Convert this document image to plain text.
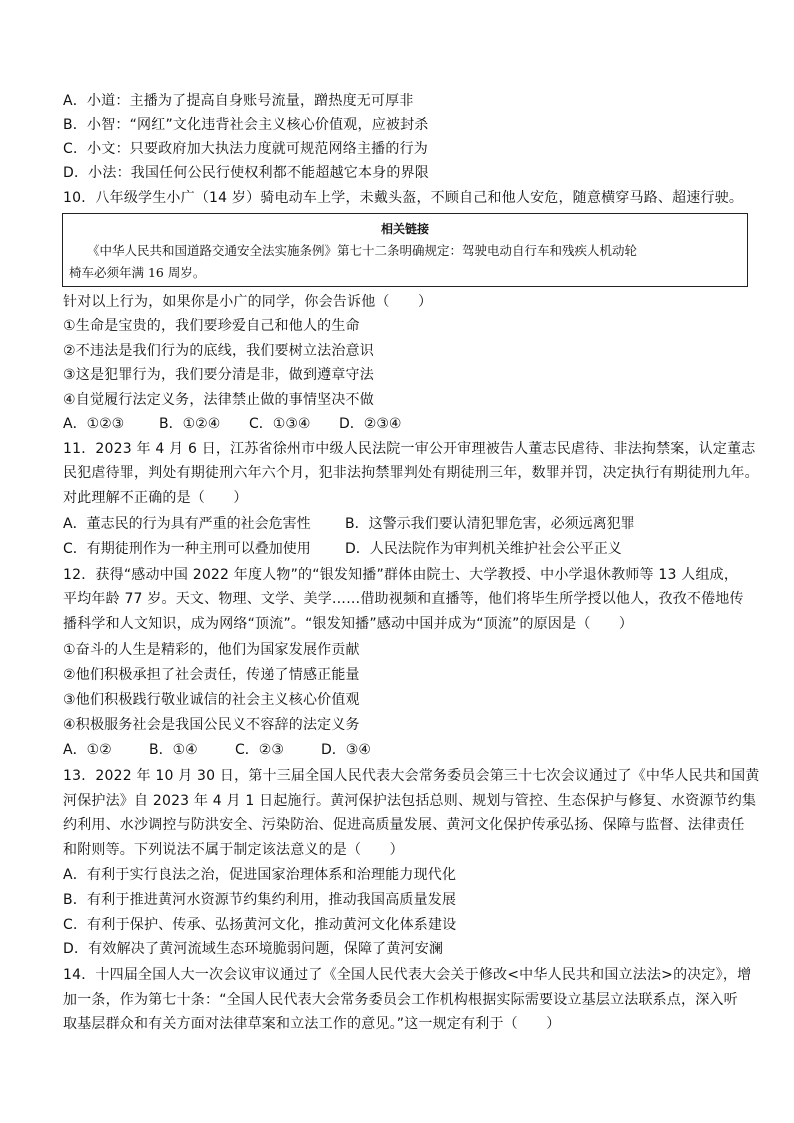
A．小道：主播为了提高自身账号流量，蹭热度无可厚非
B．小智：“网红”文化违背社会主义核心价值观，应被封杀
C．小文：只要政府加大执法力度就可规范网络主播的行为
D．小法：我国任何公民行使权利都不能超越它本身的界限
10．八年级学生小广（14 岁）骑电动车上学，未戴头盔，不顾自己和他人安危，随意横穿马路、超速行驶。
相关链接
《中华人民共和国道路交通安全法实施条例》第七十二条明确规定：驾驶电动自行车和残疾人机动轮
椅车必须年满 16 周岁。
针对以上行为，如果你是小广的同学，你会告诉他（　　）
①生命是宝贵的，我们要珍爱自己和他人的生命
②不违法是我们行为的底线，我们要树立法治意识
③这是犯罪行为，我们要分清是非，做到遵章守法
④自觉履行法定义务，法律禁止做的事情坚决不做
A．①②③ B．①②④ C．①③④ D．②③④
11．2023 年 4 月 6 日，江苏省徐州市中级人民法院一审公开审理被告人董志民虐待、非法拘禁案，认定董志
民犯虐待罪，判处有期徒刑六年六个月，犯非法拘禁罪判处有期徒刑三年，数罪并罚，决定执行有期徒刑九年。
对此理解不正确的是（　　）
A．董志民的行为具有严重的社会危害性 B．这警示我们要认清犯罪危害，必须远离犯罪
C．有期徒刑作为一种主刑可以叠加使用 D．人民法院作为审判机关维护社会公平正义
12．获得“感动中国 2022 年度人物”的“银发知播”群体由院士、大学教授、中小学退休教师等 13 人组成，
平均年龄 77 岁。天文、物理、文学、美学……借助视频和直播等，他们将毕生所学授以他人，孜孜不倦地传
播科学和人文知识，成为网络“顶流”。“银发知播”感动中国并成为“顶流”的原因是（　　）
①奋斗的人生是精彩的，他们为国家发展作贡献
②他们积极承担了社会责任，传递了情感正能量
③他们积极践行敬业诚信的社会主义核心价值观
④积极服务社会是我国公民义不容辞的法定义务
A．①②	B．①④	C．②③	D．③④
13．2022 年 10 月 30 日，第十三届全国人民代表大会常务委员会第三十七次会议通过了《中华人民共和国黄
河保护法》自 2023 年 4 月 1 日起施行。黄河保护法包括总则、规划与管控、生态保护与修复、水资源节约集
约利用、水沙调控与防洪安全、污染防治、促进高质量发展、黄河文化保护传承弘扬、保障与监督、法律责任
和附则等。下列说法不属于制定该法意义的是（　　）
A．有利于实行良法之治，促进国家治理体系和治理能力现代化
B．有利于推进黄河水资源节约集约利用，推动我国高质量发展
C．有利于保护、传承、弘扬黄河文化，推动黄河文化体系建设
D．有效解决了黄河流域生态环境脆弱问题，保障了黄河安澜
14．十四届全国人大一次会议审议通过了《全国人民代表大会关于修改<中华人民共和国立法法>的决定》，增
加一条，作为第七十条：“全国人民代表大会常务委员会工作机构根据实际需要设立基层立法联系点，深入听
取基层群众和有关方面对法律草案和立法工作的意见。”这一规定有利于（　　）
